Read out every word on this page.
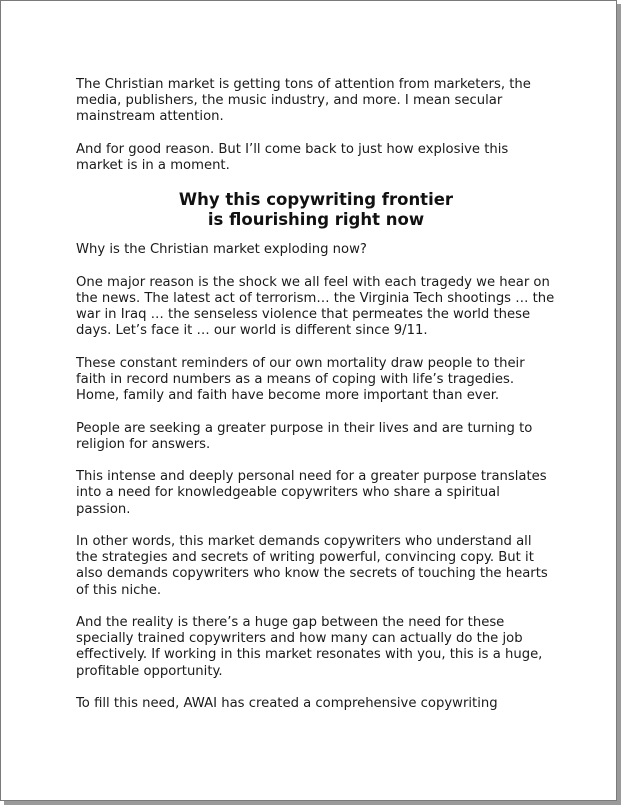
The Christian market is getting tons of attention from marketers, the media, publishers, the music industry, and more. I mean secular mainstream attention.

And for good reason. But I’ll come back to just how explosive this market is in a moment.

Why this copywriting frontier
is flourishing right now

Why is the Christian market exploding now?

One major reason is the shock we all feel with each tragedy we hear on the news. The latest act of terrorism… the Virginia Tech shootings … the war in Iraq … the senseless violence that permeates the world these days. Let’s face it … our world is different since 9/11.

These constant reminders of our own mortality draw people to their faith in record numbers as a means of coping with life’s tragedies. Home, family and faith have become more important than ever.

People are seeking a greater purpose in their lives and are turning to religion for answers.

This intense and deeply personal need for a greater purpose translates into a need for knowledgeable copywriters who share a spiritual passion.

In other words, this market demands copywriters who understand all the strategies and secrets of writing powerful, convincing copy. But it also demands copywriters who know the secrets of touching the hearts of this niche.

And the reality is there’s a huge gap between the need for these specially trained copywriters and how many can actually do the job effectively. If working in this market resonates with you, this is a huge, profitable opportunity.

To fill this need, AWAI has created a comprehensive copywriting
